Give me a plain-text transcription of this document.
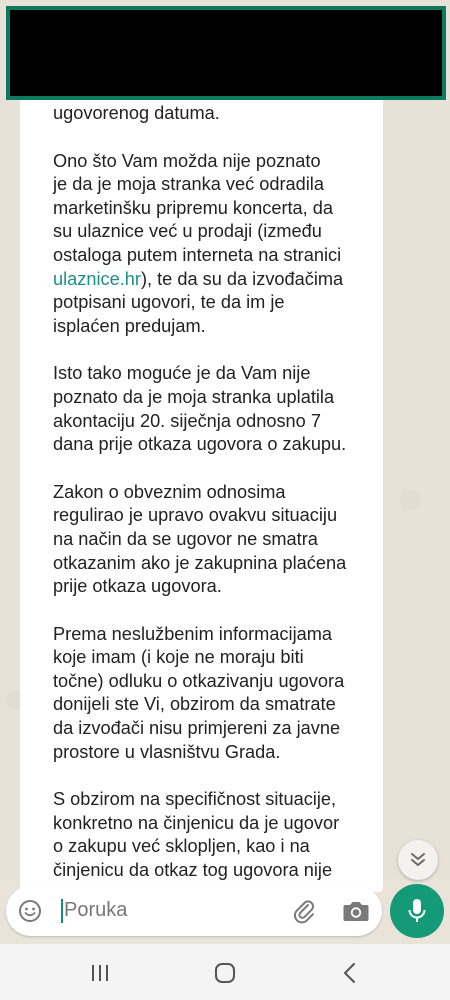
ugovorenog datuma.

Ono što Vam možda nije poznato
je da je moja stranka već odradila
marketinšku pripremu koncerta, da
su ulaznice već u prodaji (između
ostaloga putem interneta na stranici
ulaznice.hr), te da su da izvođačima
potpisani ugovori, te da im je
isplaćen predujam.

Isto tako moguće je da Vam nije
poznato da je moja stranka uplatila
akontaciju 20. siječnja odnosno 7
dana prije otkaza ugovora o zakupu.

Zakon o obveznim odnosima
regulirao je upravo ovakvu situaciju
na način da se ugovor ne smatra
otkazanim ako je zakupnina plaćena
prije otkaza ugovora.

Prema neslužbenim informacijama
koje imam (i koje ne moraju biti
točne) odluku o otkazivanju ugovora
donijeli ste Vi, obzirom da smatrate
da izvođači nisu primjereni za javne
prostore u vlasništvu Grada.

S obzirom na specifičnost situacije,
konkretno na činjenicu da je ugovor
o zakupu već sklopljen, kao i na
činjenicu da otkaz tog ugovora nije

Poruka
